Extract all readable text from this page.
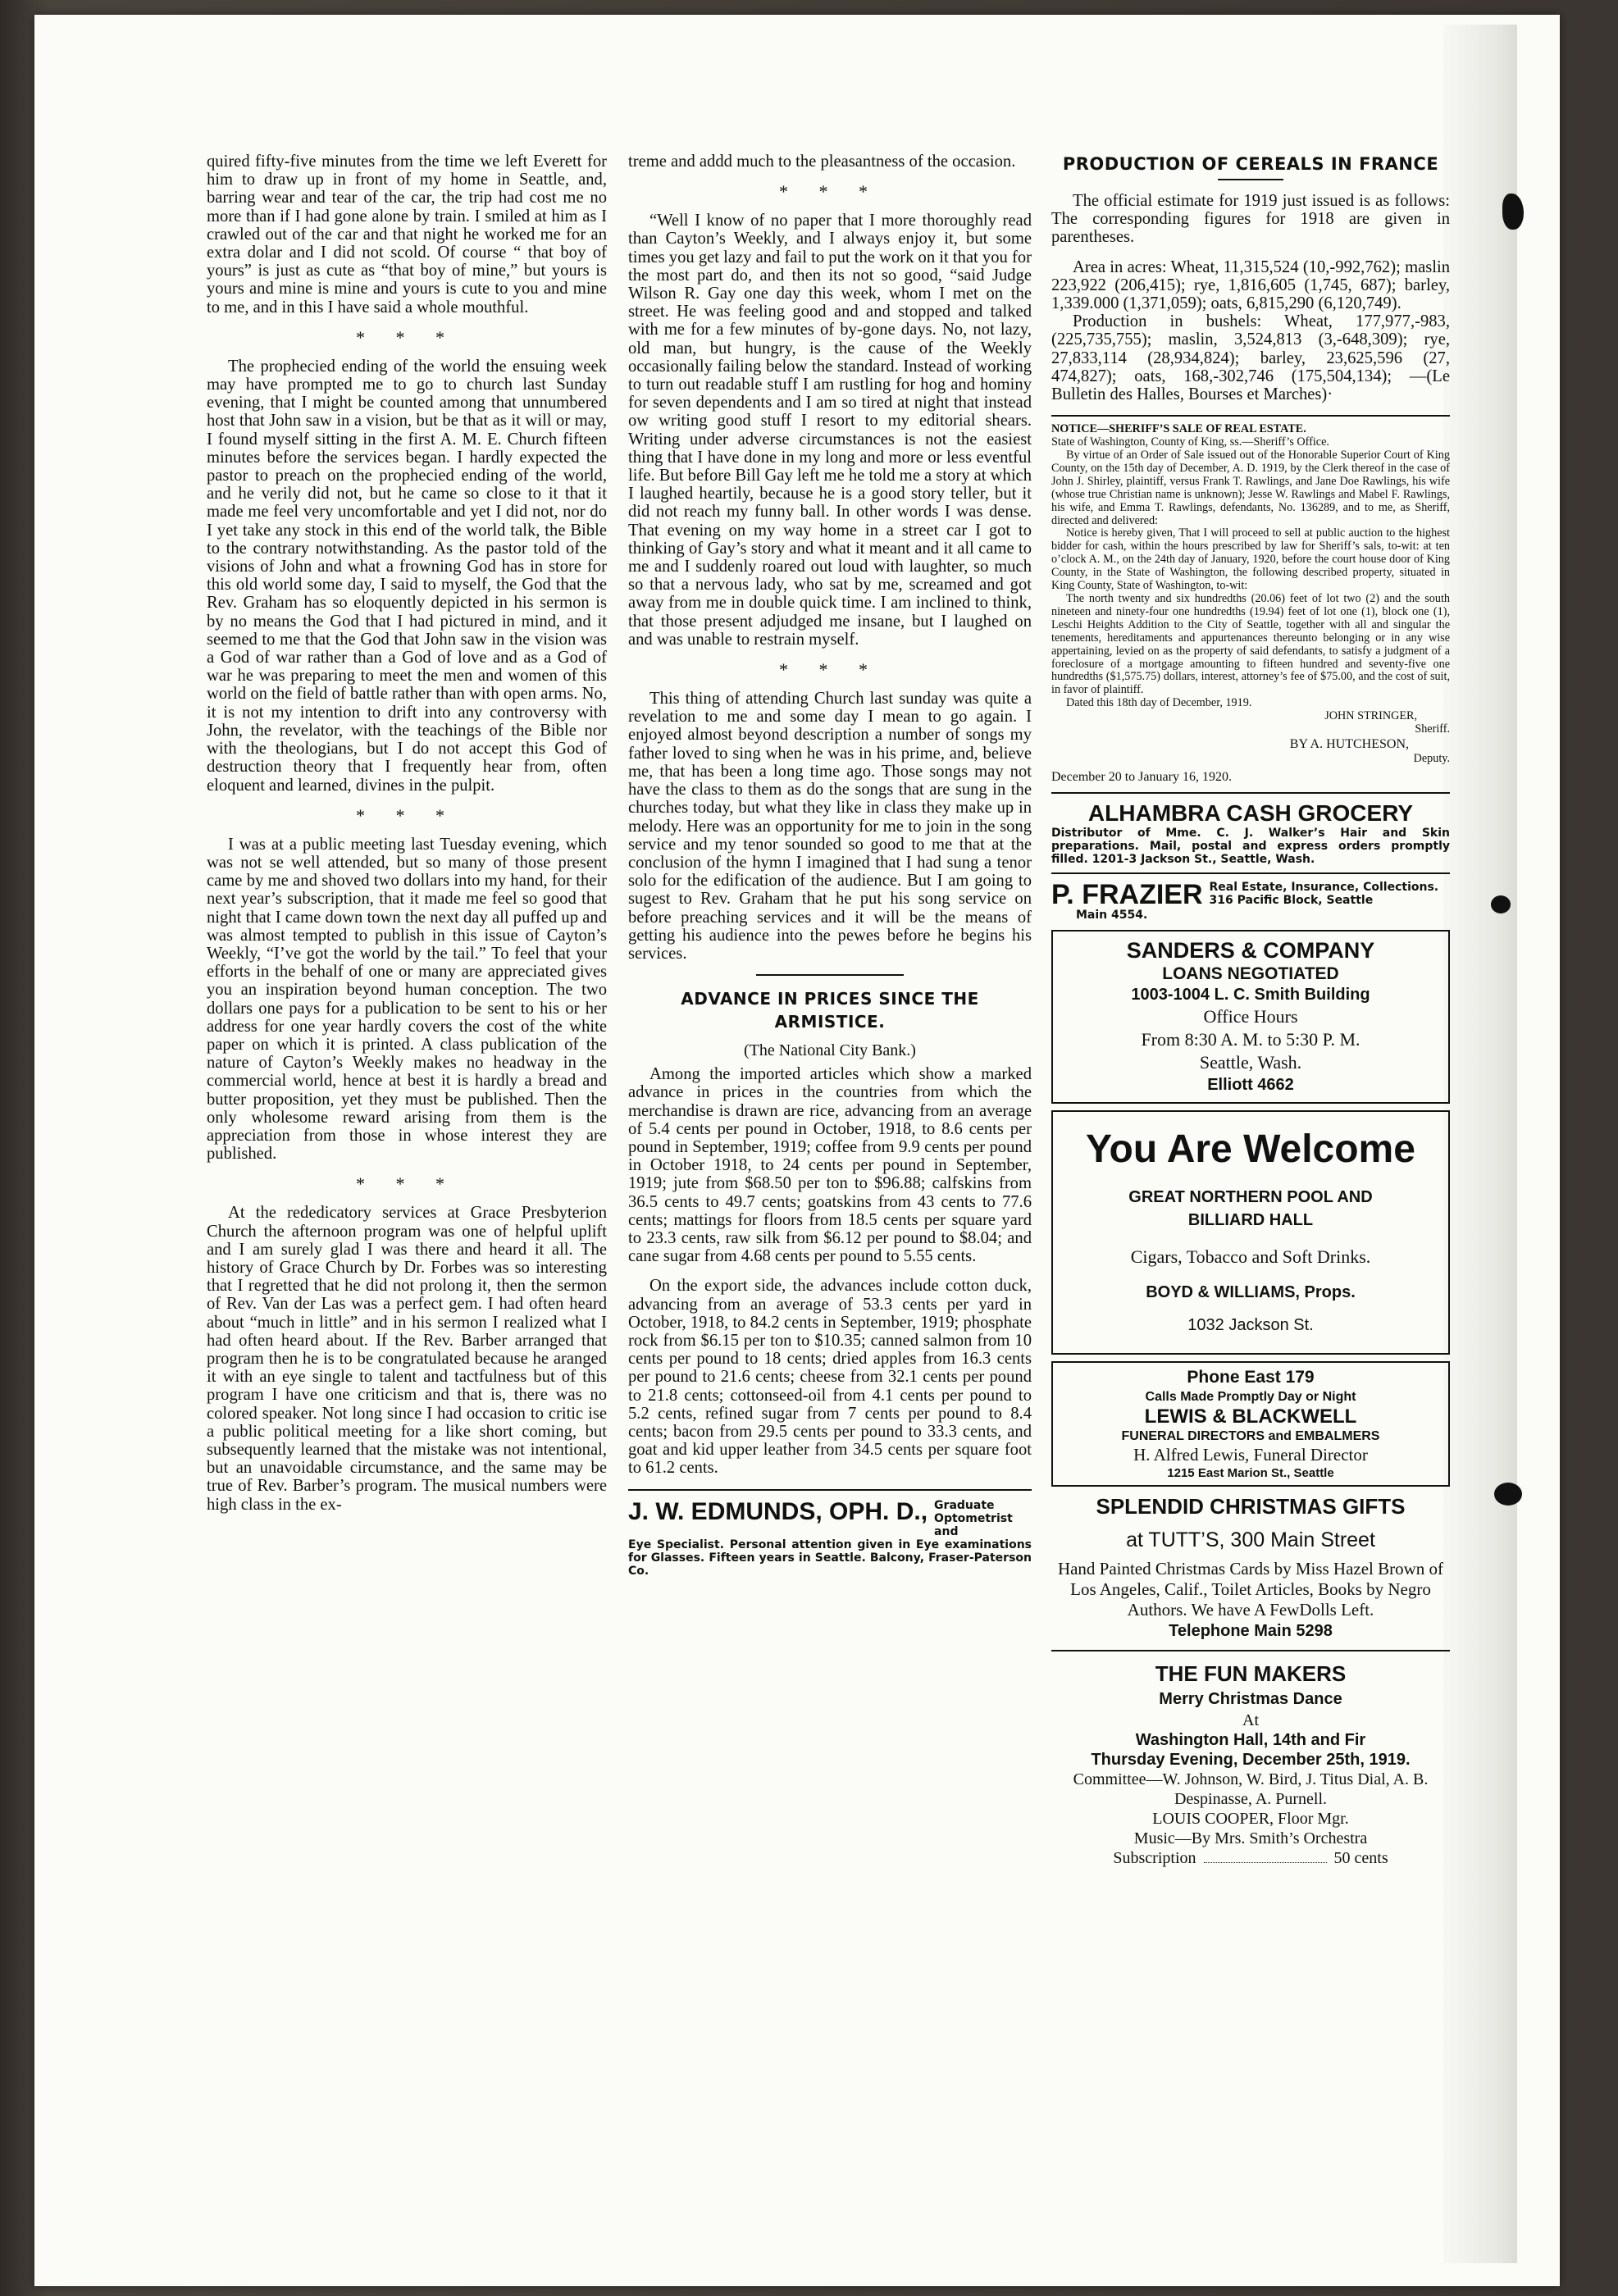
quired fifty-five minutes from the time we left Everett for him to draw up in front of my home in Seattle, and, barring wear and tear of the car, the trip had cost me no more than if I had gone alone by train. I smiled at him as I crawled out of the car and that night he worked me for an extra dolar and I did not scold. Of course “ that boy of yours” is just as cute as “that boy of mine,” but yours is yours and mine is mine and yours is cute to you and mine to me, and in this I have said a whole mouthful.

* * *

The prophecied ending of the world the ensuing week may have prompted me to go to church last Sunday evening, that I might be counted among that unnumbered host that John saw in a vision, but be that as it will or may, I found myself sitting in the first A. M. E. Church fifteen minutes before the services began. I hardly expected the pastor to preach on the prophecied ending of the world, and he verily did not, but he came so close to it that it made me feel very uncomfortable and yet I did not, nor do I yet take any stock in this end of the world talk, the Bible to the contrary notwithstanding. As the pastor told of the visions of John and what a frowning God has in store for this old world some day, I said to myself, the God that the Rev. Graham has so eloquently depicted in his sermon is by no means the God that I had pictured in mind, and it seemed to me that the God that John saw in the vision was a God of war rather than a God of love and as a God of war he was preparing to meet the men and women of this world on the field of battle rather than with open arms. No, it is not my intention to drift into any controversy with John, the revelator, with the teachings of the Bible nor with the theologians, but I do not accept this God of destruction theory that I frequently hear from, often eloquent and learned, divines in the pulpit.

* * *

I was at a public meeting last Tuesday evening, which was not se well attended, but so many of those present came by me and shoved two dollars into my hand, for their next year’s subscription, that it made me feel so good that night that I came down town the next day all puffed up and was almost tempted to publish in this issue of Cayton’s Weekly, “I’ve got the world by the tail.” To feel that your efforts in the behalf of one or many are appreciated gives you an inspiration beyond human conception. The two dollars one pays for a publication to be sent to his or her address for one year hardly covers the cost of the white paper on which it is printed. A class publication of the nature of Cayton’s Weekly makes no headway in the commercial world, hence at best it is hardly a bread and butter proposition, yet they must be published. Then the only wholesome reward arising from them is the appreciation from those in whose interest they are published.

* * *

At the rededicatory services at Grace Presbyterion Church the afternoon program was one of helpful uplift and I am surely glad I was there and heard it all. The history of Grace Church by Dr. Forbes was so interesting that I regretted that he did not prolong it, then the sermon of Rev. Van der Las was a perfect gem. I had often heard about “much in little” and in his sermon I realized what I had often heard about. If the Rev. Barber arranged that program then he is to be congratulated because he aranged it with an eye single to talent and tactfulness but of this program I have one criticism and that is, there was no colored speaker. Not long since I had occasion to critic ise a public political meeting for a like short coming, but subsequently learned that the mistake was not intentional, but an unavoidable circumstance, and the same may be true of Rev. Barber’s program. The musical numbers were high class in the ex-

treme and addd much to the pleasantness of the occasion.

* * *

“Well I know of no paper that I more thoroughly read than Cayton’s Weekly, and I always enjoy it, but some times you get lazy and fail to put the work on it that you for the most part do, and then its not so good, “said Judge Wilson R. Gay one day this week, whom I met on the street. He was feeling good and and stopped and talked with me for a few minutes of by-gone days. No, not lazy, old man, but hungry, is the cause of the Weekly occasionally failing below the standard. Instead of working to turn out readable stuff I am rustling for hog and hominy for seven dependents and I am so tired at night that instead ow writing good stuff I resort to my editorial shears. Writing under adverse circumstances is not the easiest thing that I have done in my long and more or less eventful life. But before Bill Gay left me he told me a story at which I laughed heartily, because he is a good story teller, but it did not reach my funny ball. In other words I was dense. That evening on my way home in a street car I got to thinking of Gay’s story and what it meant and it all came to me and I suddenly roared out loud with laughter, so much so that a nervous lady, who sat by me, screamed and got away from me in double quick time. I am inclined to think, that those present adjudged me insane, but I laughed on and was unable to restrain myself.

* * *

This thing of attending Church last sunday was quite a revelation to me and some day I mean to go again. I enjoyed almost beyond description a number of songs my father loved to sing when he was in his prime, and, believe me, that has been a long time ago. Those songs may not have the class to them as do the songs that are sung in the churches today, but what they like in class they make up in melody. Here was an opportunity for me to join in the song service and my tenor sounded so good to me that at the conclusion of the hymn I imagined that I had sung a tenor solo for the edification of the audience. But I am going to sugest to Rev. Graham that he put his song service on before preaching services and it will be the means of getting his audience into the pewes before he begins his services.

ADVANCE IN PRICES SINCE THE ARMISTICE.
(The National City Bank.)

Among the imported articles which show a marked advance in prices in the countries from which the merchandise is drawn are rice, advancing from an average of 5.4 cents per pound in October, 1918, to 8.6 cents per pound in September, 1919; coffee from 9.9 cents per pound in October 1918, to 24 cents per pound in September, 1919; jute from $68.50 per ton to $96.88; calfskins from 36.5 cents to 49.7 cents; goatskins from 43 cents to 77.6 cents; mattings for floors from 18.5 cents per square yard to 23.3 cents, raw silk from $6.12 per pound to $8.04; and cane sugar from 4.68 cents per pound to 5.55 cents.

On the export side, the advances include cotton duck, advancing from an average of 53.3 cents per yard in October, 1918, to 84.2 cents in September, 1919; phosphate rock from $6.15 per ton to $10.35; canned salmon from 10 cents per pound to 18 cents; dried apples from 16.3 cents per pound to 21.6 cents; cheese from 32.1 cents per pound to 21.8 cents; cottonseed-oil from 4.1 cents per pound to 5.2 cents, refined sugar from 7 cents per pound to 8.4 cents; bacon from 29.5 cents per pound to 33.3 cents, and goat and kid upper leather from 34.5 cents per square foot to 61.2 cents.

J. W. EDMUNDS, OPH. D., Graduate Optometrist and
Eye Specialist. Personal attention given in Eye examinations for Glasses. Fifteen years in Seattle. Balcony, Fraser-Paterson Co.
PRODUCTION OF CEREALS IN FRANCE

The official estimate for 1919 just issued is as follows: The corresponding figures for 1918 are given in parentheses.

Area in acres: Wheat, 11,315,524 (10,-992,762); maslin 223,922 (206,415); rye, 1,816,605 (1,745, 687); barley, 1,339.000 (1,371,059); oats, 6,815,290 (6,120,749).

Production in bushels: Wheat, 177,977,-983, (225,735,755); maslin, 3,524,813 (3,-648,309); rye, 27,833,114 (28,934,824); barley, 23,625,596 (27, 474,827); oats, 168,-302,746 (175,504,134); —(Le Bulletin des Halles, Bourses et Marches)·

NOTICE—SHERIFF’S SALE OF REAL ESTATE.

State of Washington, County of King, ss.—Sheriff’s Office.

By virtue of an Order of Sale issued out of the Honorable Superior Court of King County, on the 15th day of December, A. D. 1919, by the Clerk thereof in the case of John J. Shirley, plaintiff, versus Frank T. Rawlings, and Jane Doe Rawlings, his wife (whose true Christian name is unknown); Jesse W. Rawlings and Mabel F. Rawlings, his wife, and Emma T. Rawlings, defendants, No. 136289, and to me, as Sheriff, directed and delivered:

Notice is hereby given, That I will proceed to sell at public auction to the highest bidder for cash, within the hours prescribed by law for Sheriff’s sals, to-wit: at ten o’clock A. M., on the 24th day of January, 1920, before the court house door of King County, in the State of Washington, the following described property, situated in King County, State of Washington, to-wit:

The north twenty and six hundredths (20.06) feet of lot two (2) and the south nineteen and ninety-four one hundredths (19.94) feet of lot one (1), block one (1), Leschi Heights Addition to the City of Seattle, together with all and singular the tenements, hereditaments and appurtenances thereunto belonging or in any wise appertaining, levied on as the property of said defendants, to satisfy a judgment of a foreclosure of a mortgage amounting to fifteen hundred and seventy-five one hundredths ($1,575.75) dollars, interest, attorney’s fee of $75.00, and the cost of suit, in favor of plaintiff.

Dated this 18th day of December, 1919.

JOHN STRINGER,

Sheriff.

BY A. HUTCHESON,

Deputy.

December 20 to January 16, 1920.

ALHAMBRA CASH GROCERY
Distributor of Mme. C. J. Walker’s Hair and Skin preparations. Mail, postal and express orders promptly filled. 1201-3 Jackson St., Seattle, Wash.
P. FRAZIER Real Estate, Insurance, Collections. 316 Pacific Block, Seattle
Main 4554.
SANDERS & COMPANY
LOANS NEGOTIATED
1003-1004 L. C. Smith Building
Office Hours
From 8:30 A. M. to 5:30 P. M.
Seattle, Wash.
Elliott 4662
You Are Welcome
GREAT NORTHERN POOL AND
BILLIARD HALL
Cigars, Tobacco and Soft Drinks.
BOYD & WILLIAMS, Props.
1032 Jackson St.
Phone East 179
Calls Made Promptly Day or Night
LEWIS & BLACKWELL
FUNERAL DIRECTORS and EMBALMERS
H. Alfred Lewis, Funeral Director
1215 East Marion St., Seattle
SPLENDID CHRISTMAS GIFTS
at TUTT’S, 300 Main Street
Hand Painted Christmas Cards by Miss Hazel Brown of Los Angeles, Calif., Toilet Articles, Books by Negro Authors. We have A FewDolls Left.
Telephone Main 5298
THE FUN MAKERS
Merry Christmas Dance
At
Washington Hall, 14th and Fir
Thursday Evening, December 25th, 1919.
Committee—W. Johnson, W. Bird, J. Titus Dial, A. B. Despinasse, A. Purnell.
LOUIS COOPER, Floor Mgr.
Music—By Mrs. Smith’s Orchestra
Subscription	50 cents
